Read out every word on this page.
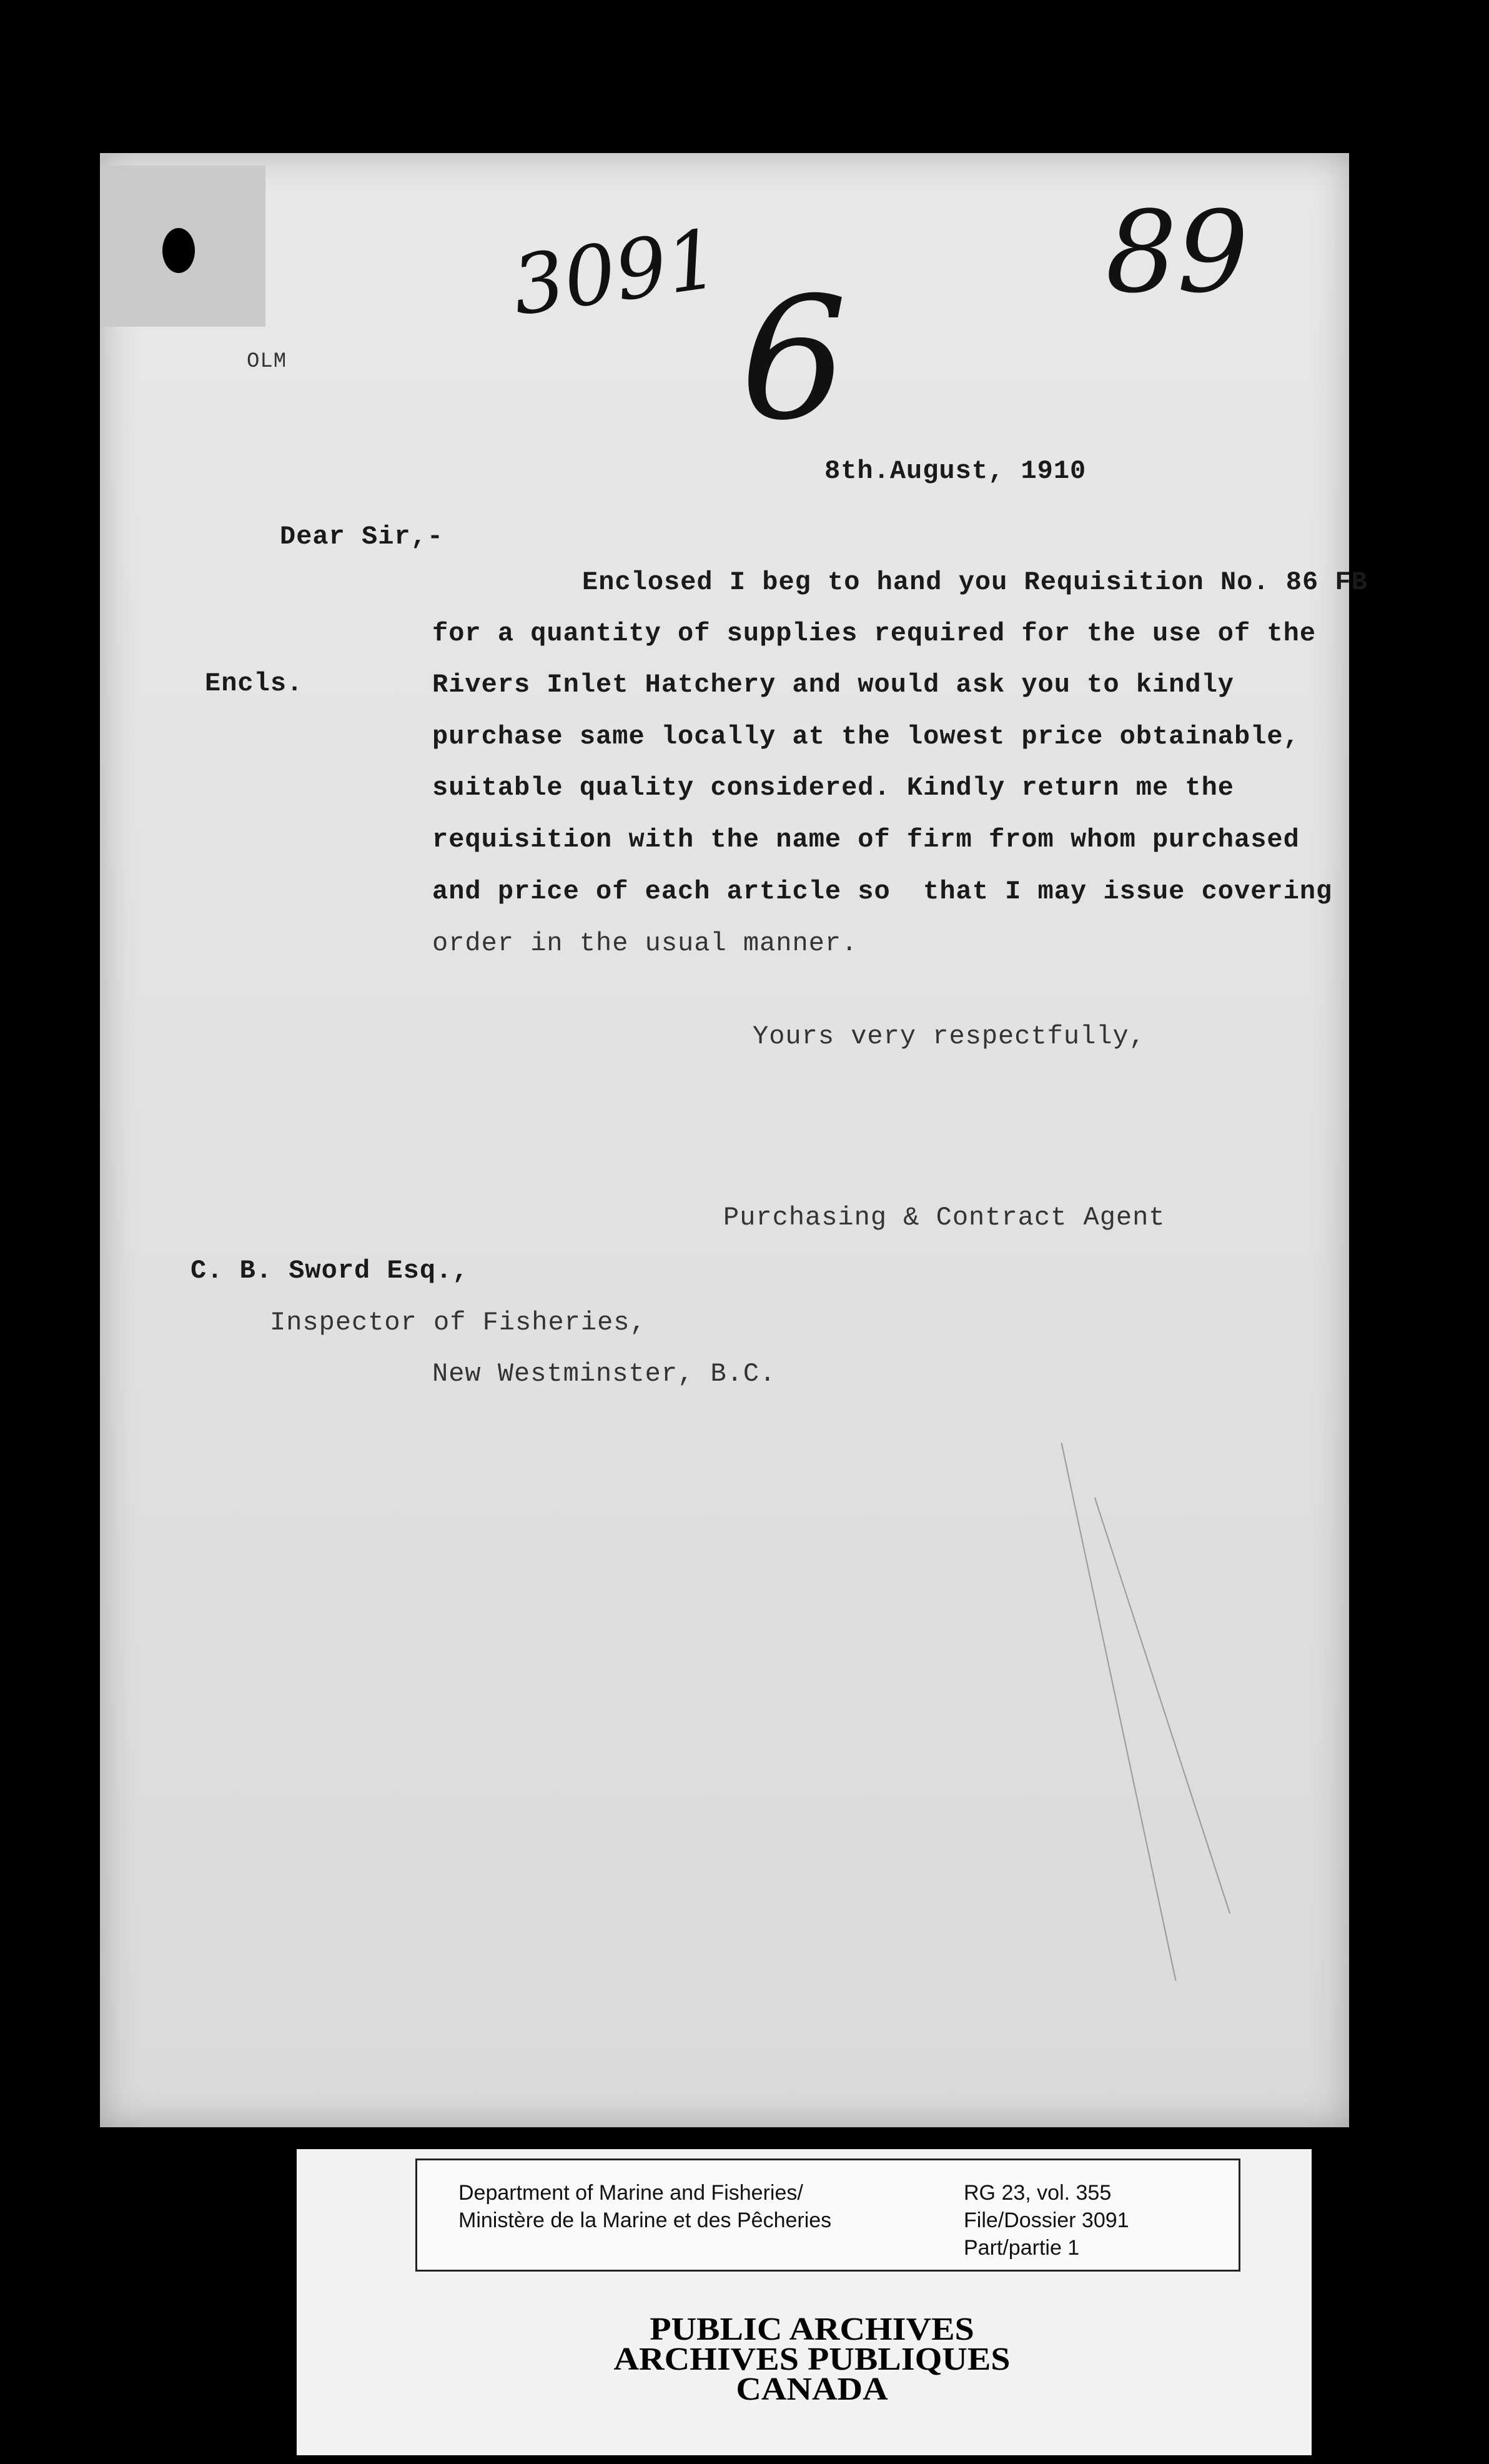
3091	89
6
OLM
8th.August, 1910
Dear Sir,-
Encls.
Enclosed I beg to hand you Requisition No. 86 FB
for a quantity of supplies required for the use of the
Rivers Inlet Hatchery and would ask you to kindly
purchase same locally at the lowest price obtainable,
suitable quality considered. Kindly return me the
requisition with the name of firm from whom purchased
and price of each article so  that I may issue covering
order in the usual manner.
Yours very respectfully,
Purchasing & Contract Agent
C. B. Sword Esq.,
Inspector of Fisheries,
New Westminster, B.C.
Department of Marine and Fisheries/
Ministère de la Marine et des Pêcheries
RG 23, vol. 355
File/Dossier 3091
Part/partie 1
PUBLIC ARCHIVES
ARCHIVES PUBLIQUES
CANADA
